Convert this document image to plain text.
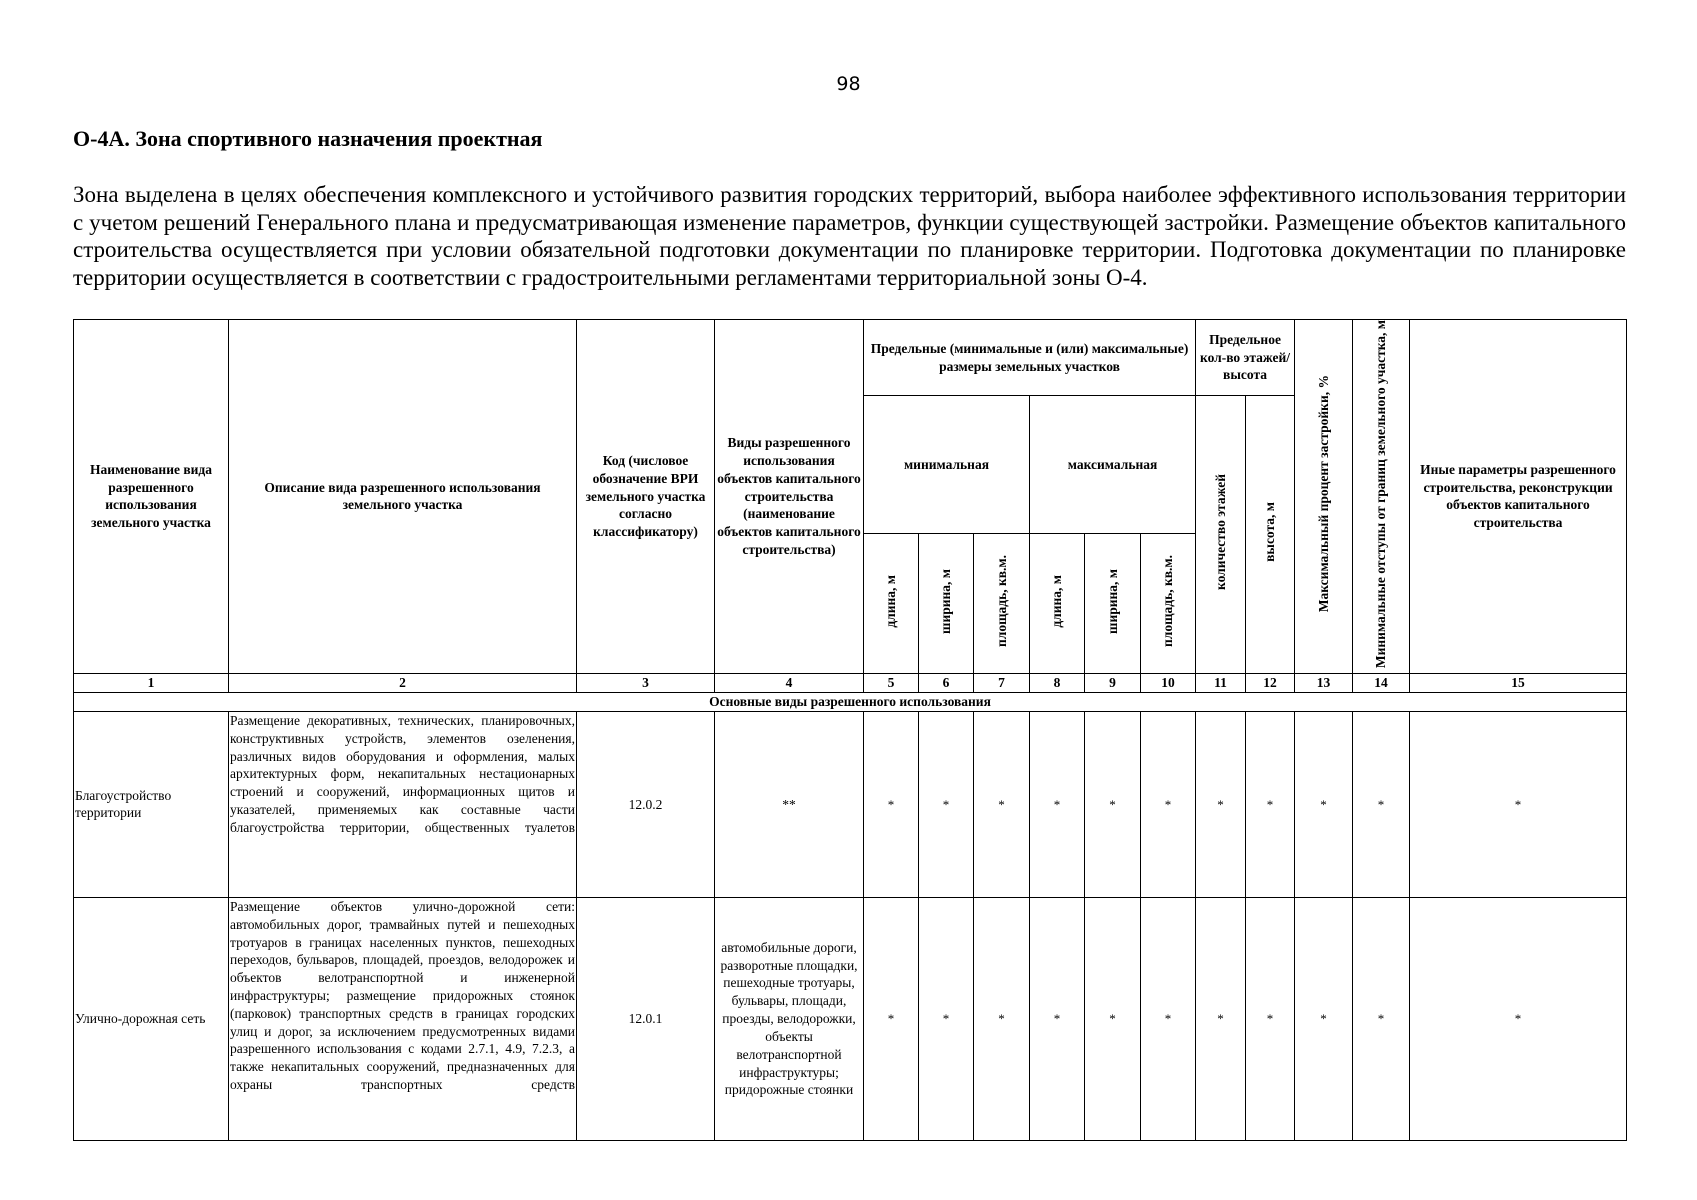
98
О-4А. Зона спортивного назначения проектная

Зона выделена в целях обеспечения комплексного и устойчивого развития городских территорий, выбора наиболее эффективного использования территории с учетом решений Генерального плана и предусматривающая изменение параметров, функции существующей застройки. Размещение объектов капитального строительства осуществляется при условии обязательной подготовки документации по планировке территории. Подготовка документации по планировке территории осуществляется в соответствии с градостроительными регламентами территориальной зоны О-4.

Наименование вида разрешенного использования земельного участка	Описание вида разрешенного использования земельного участка	Код (числовое обозначение ВРИ земельного участка согласно классификатору)	Виды разрешенного использования объектов капитального строительства (наименование объектов капитального строительства)	Предельные (минимальные и (или) максимальные) размеры земельных участков						Предельное кол-во этажей/ высота		Максимальный процент застройки, %	Минимальные отступы от границ земельного участка, м	Иные параметры разрешенного строительства, реконструкции объектов капитального строительства
				минимальная			максимальная			количество этажей	высота, м			
				длина, м	ширина, м	площадь, кв.м.	длина, м	ширина, м	площадь, кв.м.					
1	2	3	4	5	6	7	8	9	10	11	12	13	14	15
Основные виды разрешенного использования														
Благоустройство территории	Размещение декоративных, технических, планировочных, конструктивных устройств, элементов озеленения, различных видов оборудования и оформления, малых архитектурных форм, некапитальных нестационарных строений и сооружений, информационных щитов и указателей, применяемых как составные части благоустройства территории, общественных туалетов	12.0.2	**	*	*	*	*	*	*	*	*	*	*	*
Улично-дорожная сеть	Размещение объектов улично-дорожной сети: автомобильных дорог, трамвайных путей и пешеходных тротуаров в границах населенных пунктов, пешеходных переходов, бульваров, площадей, проездов, велодорожек и объектов велотранспортной и инженерной инфраструктуры; размещение придорожных стоянок (парковок) транспортных средств в границах городских улиц и дорог, за исключением предусмотренных видами разрешенного использования с кодами 2.7.1, 4.9, 7.2.3, а также некапитальных сооружений, предназначенных для охраны транспортных средств	12.0.1	автомобильные дороги, разворотные площадки, пешеходные тротуары, бульвары, площади, проезды, велодорожки, объекты велотранспортной инфраструктуры; придорожные стоянки	*	*	*	*	*	*	*	*	*	*	*
